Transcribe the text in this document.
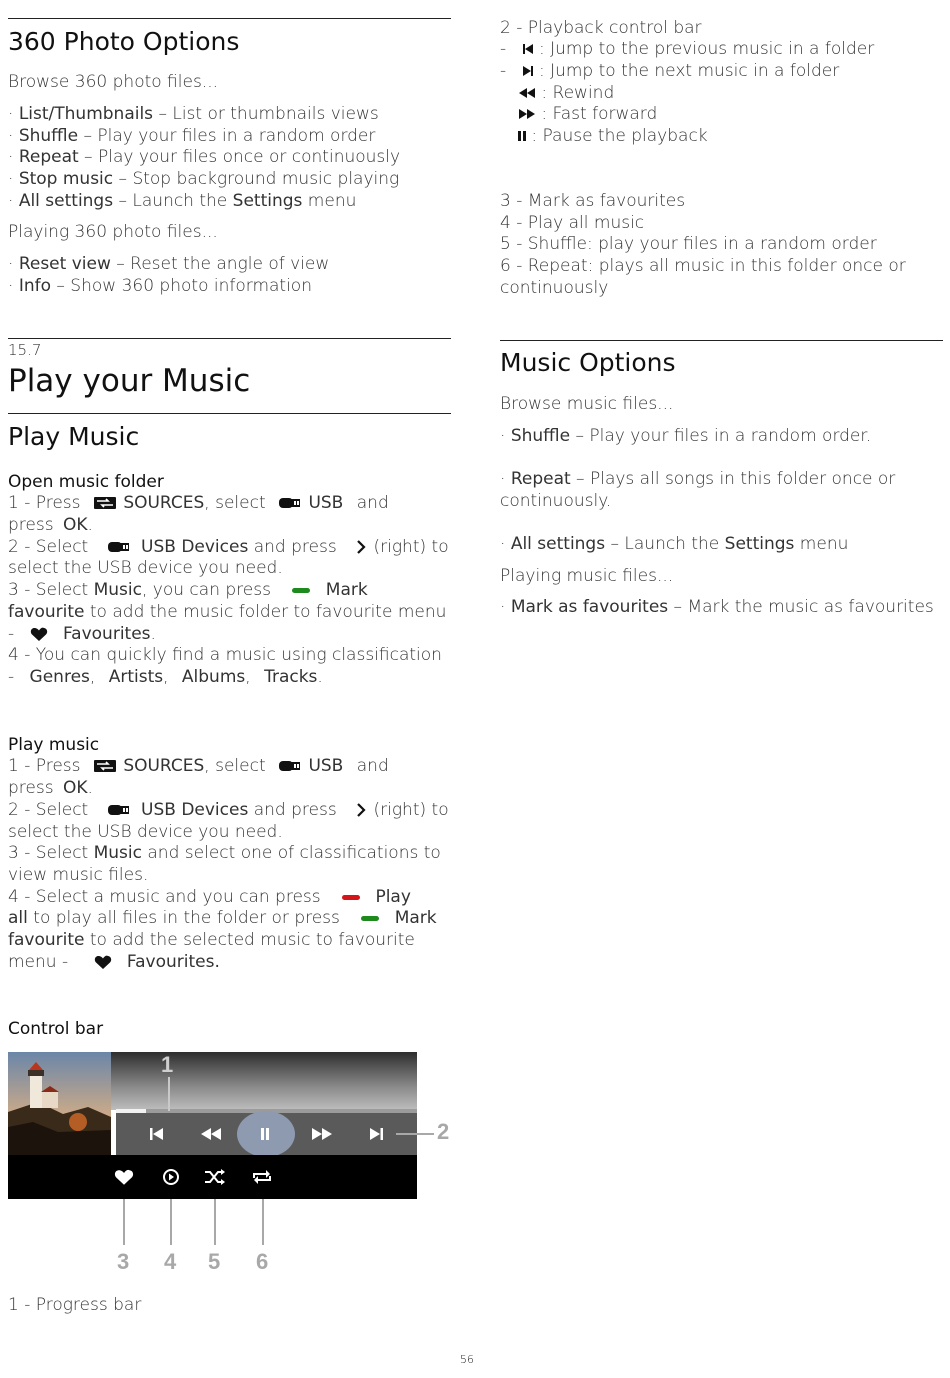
360 Photo Options
Browse 360 photo files...
· List/Thumbnails – List or thumbnails views
· Shuffle – Play your files in a random order
· Repeat – Play your files once or continuously
· Stop music – Stop background music playing
· All settings – Launch the Settings menu
Playing 360 photo files...
· Reset view – Reset the angle of view
· Info – Show 360 photo information
15.7
Play your Music
Play Music
Open music folder
1 - Press	SOURCES, select	USB and
press OK.
2 - Select	USB Devices and press (right) to
select the USB device you need.
3 - Select Music, you can press	Mark
favourite to add the music folder to favourite menu
-	Favourites.
4 - You can quickly find a music using classification
- Genres, Artists, Albums, Tracks.
Play music
1 - Press	SOURCES, select	USB and
press OK.
2 - Select	USB Devices and press (right) to
select the USB device you need.
3 - Select Music and select one of classifications to
view music files.
4 - Select a music and you can press	Play
all to play all files in the folder or press	Mark
favourite to add the selected music to favourite
menu -	Favourites.
Control bar
1
2
3 4 5 6
1 - Progress bar
2 - Playback control bar
- : Jump to the previous music in a folder
- : Jump to the next music in a folder
: Rewind
: Fast forward
: Pause the playback
3 - Mark as favourites
4 - Play all music
5 - Shuffle: play your files in a random order
6 - Repeat: plays all music in this folder once or
continuously
Music Options
Browse music files...
· Shuffle – Play your files in a random order.
· Repeat – Plays all songs in this folder once or
continuously.
· All settings – Launch the Settings menu
Playing music files...
· Mark as favourites – Mark the music as favourites
56
